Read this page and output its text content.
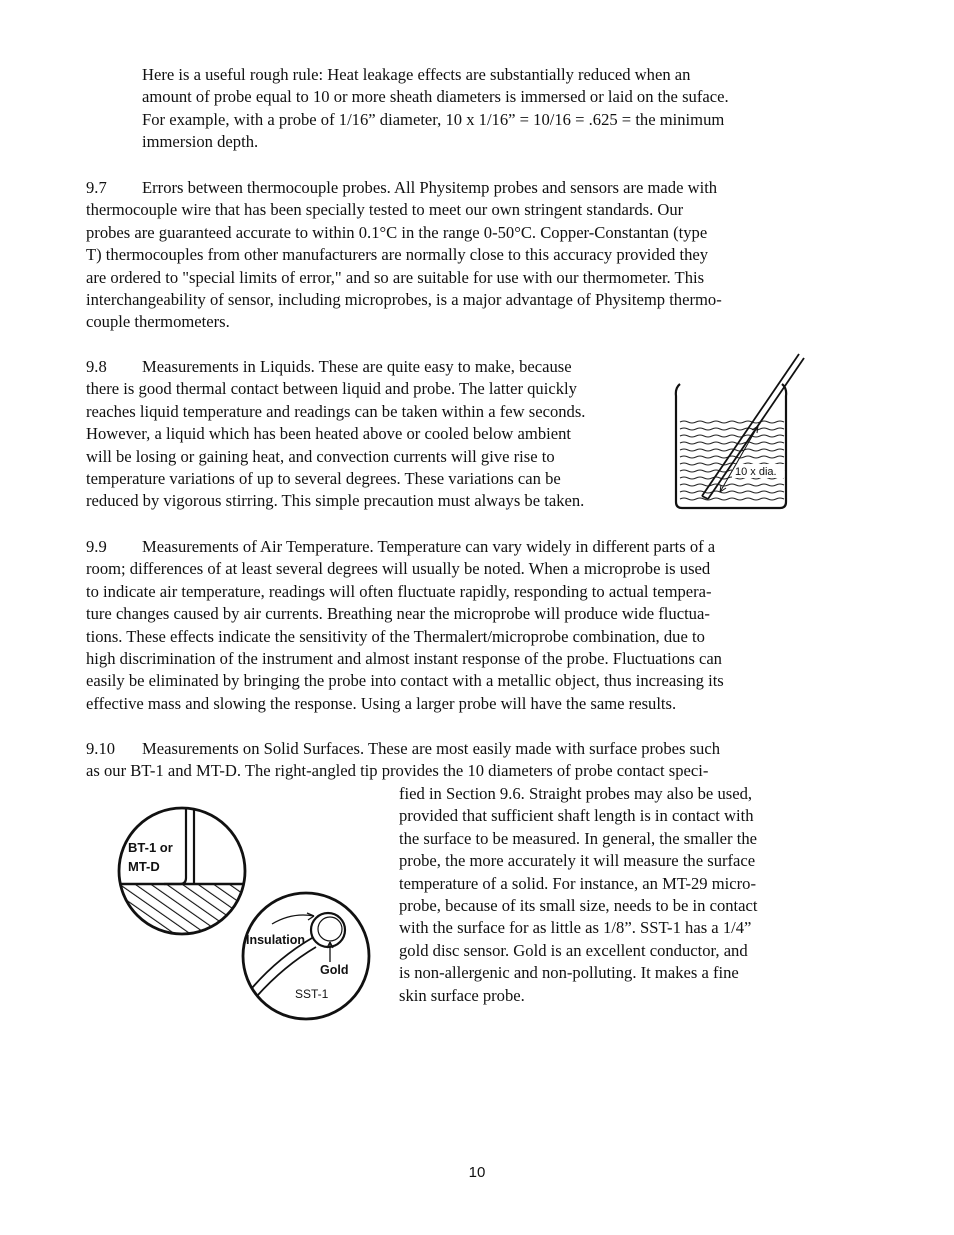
Here is a useful rough rule: Heat leakage effects are substantially reduced when an
amount of probe equal to 10 or more sheath diameters is immersed or laid on the suface.
For example, with a probe of 1/16” diameter, 10 x 1/16” = 10/16 = .625 = the minimum
immersion depth.
9.7 Errors between thermocouple probes. All Physitemp probes and sensors are made with
thermocouple wire that has been specially tested to meet our own stringent standards. Our
probes are guaranteed accurate to within 0.1°C in the range 0-50°C. Copper-Constantan (type
T) thermocouples from other manufacturers are normally close to this accuracy provided they
are ordered to "special limits of error," and so are suitable for use with our thermometer. This
interchangeability of sensor, including microprobes, is a major advantage of Physitemp thermo-
couple thermometers.
9.8 Measurements in Liquids. These are quite easy to make, because
there is good thermal contact between liquid and probe. The latter quickly
reaches liquid temperature and readings can be taken within a few seconds.
However, a liquid which has been heated above or cooled below ambient
will be losing or gaining heat, and convection currents will give rise to
temperature variations of up to several degrees. These variations can be
reduced by vigorous stirring. This simple precaution must always be taken.
10 x dia.
9.9 Measurements of Air Temperature. Temperature can vary widely in different parts of a
room; differences of at least several degrees will usually be noted. When a microprobe is used
to indicate air temperature, readings will often fluctuate rapidly, responding to actual tempera-
ture changes caused by air currents. Breathing near the microprobe will produce wide fluctua-
tions. These effects indicate the sensitivity of the Thermalert/microprobe combination, due to
high discrimination of the instrument and almost instant response of the probe. Fluctuations can
easily be eliminated by bringing the probe into contact with a metallic object, thus increasing its
effective mass and slowing the response. Using a larger probe will have the same results.
9.10 Measurements on Solid Surfaces. These are most easily made with surface probes such
as our BT-1 and MT-D. The right-angled tip provides the 10 diameters of probe contact speci-
fied in Section 9.6. Straight probes may also be used,
provided that sufficient shaft length is in contact with
the surface to be measured. In general, the smaller the
probe, the more accurately it will measure the surface
temperature of a solid. For instance, an MT-29 micro-
probe, because of its small size, needs to be in contact
with the surface for as little as 1/8”. SST-1 has a 1/4”
gold disc sensor. Gold is an excellent conductor, and
is non-allergenic and non-polluting. It makes a fine
skin surface probe.
BT-1 or
MT-D
Insulation
Gold
SST-1
10
